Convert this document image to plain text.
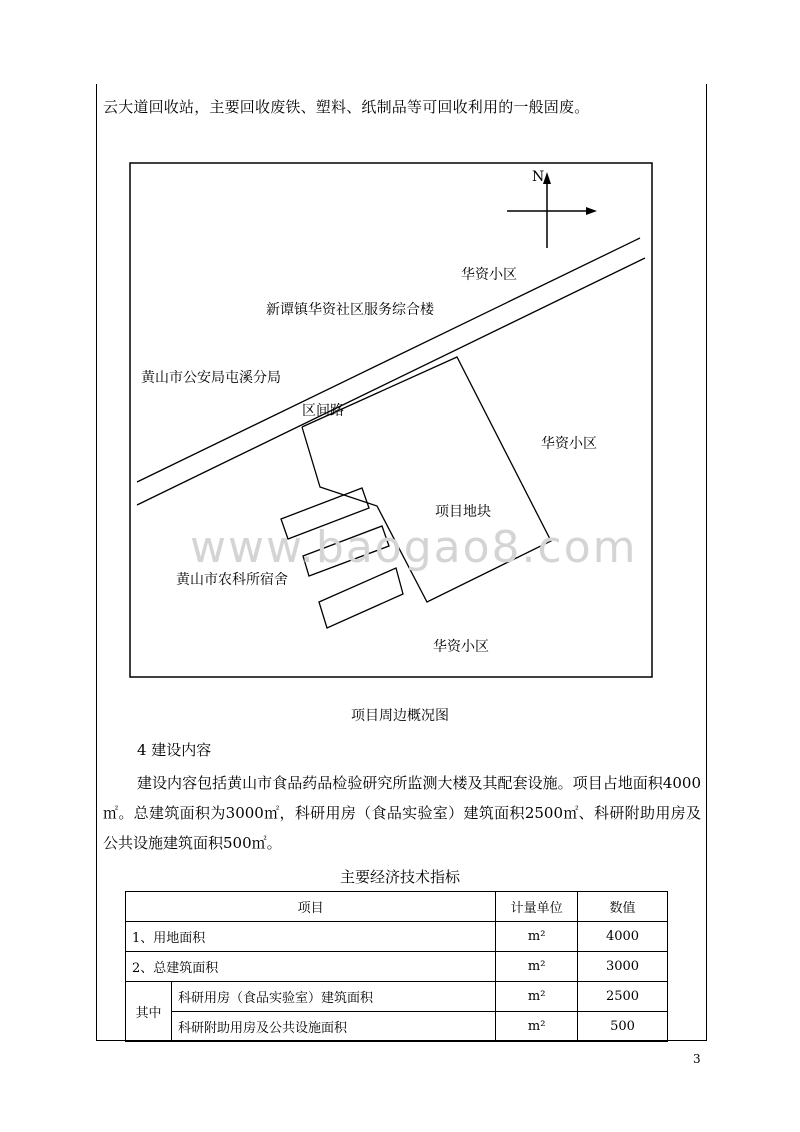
云大道回收站，主要回收废铁、塑料、纸制品等可回收利用的一般固废。
N
华资小区
新谭镇华资社区服务综合楼
黄山市公安局屯溪分局
区间路
华资小区
项目地块
黄山市农科所宿舍
华资小区
www.baogao8.com
项目周边概况图
4 建设内容
建设内容包括黄山市食品药品检验研究所监测大楼及其配套设施。项目占地面积4000㎡。总建筑面积为3000㎡，科研用房（食品实验室）建筑面积2500㎡、科研附助用房及公共设施建筑面积500㎡。
主要经济技术指标
项目		计量单位	数值
1、用地面积		m²	4000
2、总建筑面积		m²	3000
其中	科研用房（食品实验室）建筑面积	m²	2500
	科研附助用房及公共设施面积	m²	500
3
